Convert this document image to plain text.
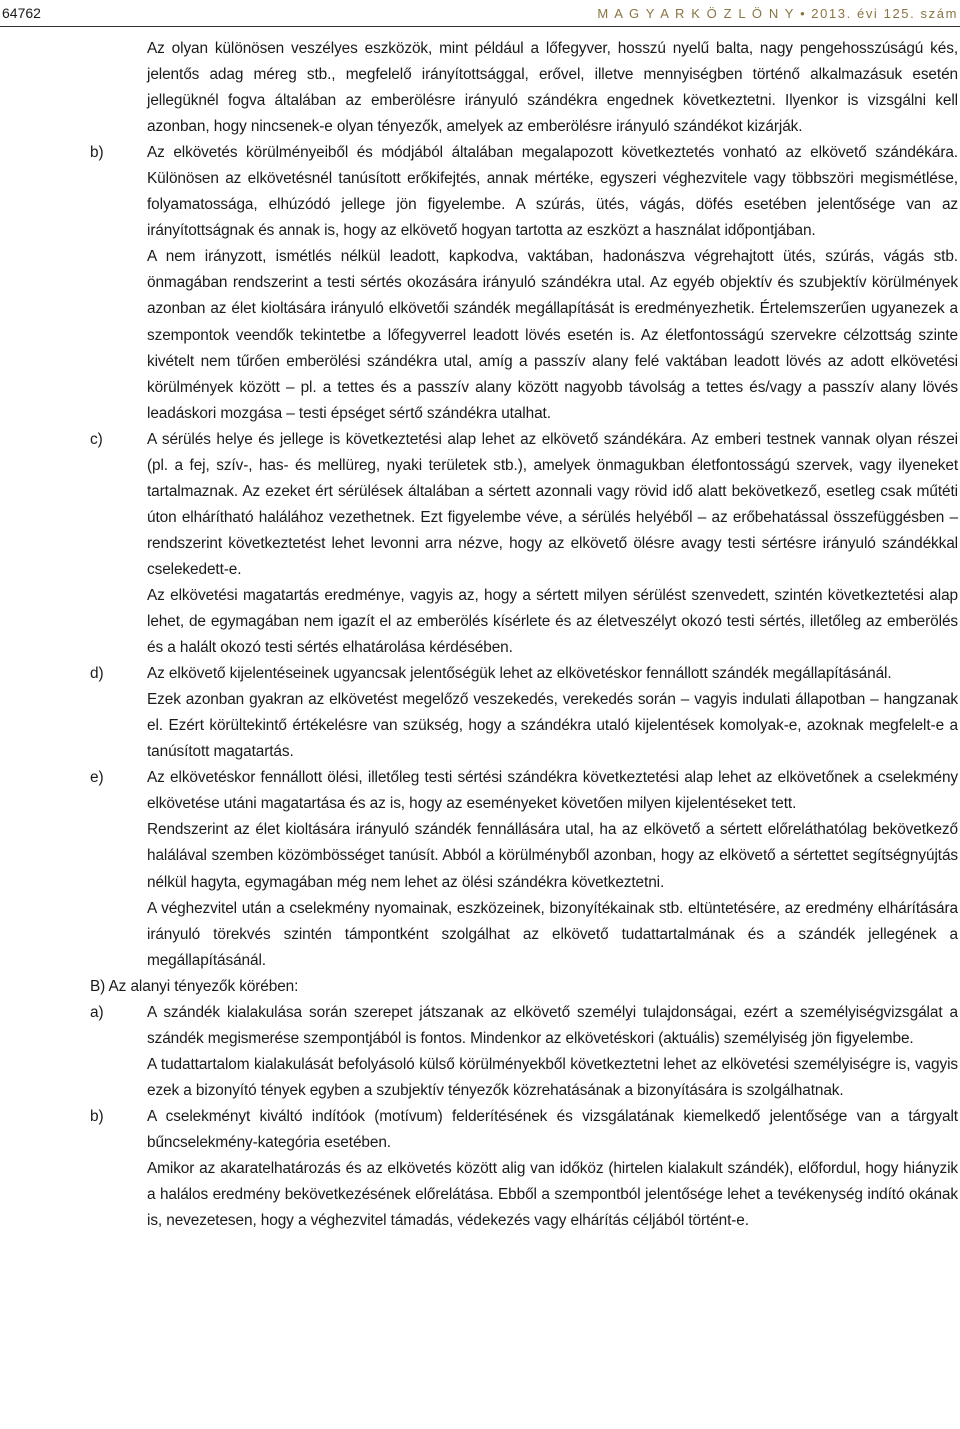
64762	M A G Y A R K Ö Z L Ö N Y • 2013. évi 125. szám

Az olyan különösen veszélyes eszközök, mint például a lőfegyver, hosszú nyelű balta, nagy pengehosszúságú kés, jelentős adag méreg stb., megfelelő irányítottsággal, erővel, illetve mennyiségben történő alkalmazásuk esetén jellegüknél fogva általában az emberölésre irányuló szándékra engednek következtetni. Ilyenkor is vizsgálni kell azonban, hogy nincsenek-e olyan tényezők, amelyek az emberölésre irányuló szándékot kizárják.

b)	Az elkövetés körülményeiből és módjából általában megalapozott következtetés vonható az elkövető szándékára. Különösen az elkövetésnél tanúsított erőkifejtés, annak mértéke, egyszeri véghezvitele vagy többszöri megismétlése, folyamatossága, elhúzódó jellege jön figyelembe. A szúrás, ütés, vágás, döfés esetében jelentősége van az irányítottságnak és annak is, hogy az elkövető hogyan tartotta az eszközt a használat időpontjában.

A nem irányzott, ismétlés nélkül leadott, kapkodva, vaktában, hadonászva végrehajtott ütés, szúrás, vágás stb. önmagában rendszerint a testi sértés okozására irányuló szándékra utal. Az egyéb objektív és szubjektív körülmények azonban az élet kioltására irányuló elkövetői szándék megállapítását is eredményezhetik. Értelemszerűen ugyanezek a szempontok veendők tekintetbe a lőfegyverrel leadott lövés esetén is. Az életfontosságú szervekre célzottság szinte kivételt nem tűrően emberölési szándékra utal, amíg a passzív alany felé vaktában leadott lövés az adott elkövetési körülmények között – pl. a tettes és a passzív alany között nagyobb távolság a tettes és/vagy a passzív alany lövés leadáskori mozgása – testi épséget sértő szándékra utalhat.

c)	A sérülés helye és jellege is következtetési alap lehet az elkövető szándékára. Az emberi testnek vannak olyan részei (pl. a fej, szív-, has- és mellüreg, nyaki területek stb.), amelyek önmagukban életfontosságú szervek, vagy ilyeneket tartalmaznak. Az ezeket ért sérülések általában a sértett azonnali vagy rövid idő alatt bekövetkező, esetleg csak műtéti úton elhárítható halálához vezethetnek. Ezt figyelembe véve, a sérülés helyéből – az erőbehatással összefüggésben – rendszerint következtetést lehet levonni arra nézve, hogy az elkövető ölésre avagy testi sértésre irányuló szándékkal cselekedett-e.

Az elkövetési magatartás eredménye, vagyis az, hogy a sértett milyen sérülést szenvedett, szintén következtetési alap lehet, de egymagában nem igazít el az emberölés kísérlete és az életveszélyt okozó testi sértés, illetőleg az emberölés és a halált okozó testi sértés elhatárolása kérdésében.

d)	Az elkövető kijelentéseinek ugyancsak jelentőségük lehet az elkövetéskor fennállott szándék megállapításánál.

Ezek azonban gyakran az elkövetést megelőző veszekedés, verekedés során – vagyis indulati állapotban – hangzanak el. Ezért körültekintő értékelésre van szükség, hogy a szándékra utaló kijelentések komolyak-e, azoknak megfelelt-e a tanúsított magatartás.

e)	Az elkövetéskor fennállott ölési, illetőleg testi sértési szándékra következtetési alap lehet az elkövetőnek a cselekmény elkövetése utáni magatartása és az is, hogy az eseményeket követően milyen kijelentéseket tett.

Rendszerint az élet kioltására irányuló szándék fennállására utal, ha az elkövető a sértett előreláthatólag bekövetkező halálával szemben közömbösséget tanúsít. Abból a körülményből azonban, hogy az elkövető a sértettet segítségnyújtás nélkül hagyta, egymagában még nem lehet az ölési szándékra következtetni.

A véghezvitel után a cselekmény nyomainak, eszközeinek, bizonyítékainak stb. eltüntetésére, az eredmény elhárítására irányuló törekvés szintén támpontként szolgálhat az elkövető tudattartalmának és a szándék jellegének a megállapításánál.

B) Az alanyi tényezők körében:

a)	A szándék kialakulása során szerepet játszanak az elkövető személyi tulajdonságai, ezért a személyiségvizsgálat a szándék megismerése szempontjából is fontos. Mindenkor az elkövetéskori (aktuális) személyiség jön figyelembe.

A tudattartalom kialakulását befolyásoló külső körülményekből következtetni lehet az elkövetési személyiségre is, vagyis ezek a bizonyító tények egyben a szubjektív tényezők közrehatásának a bizonyítására is szolgálhatnak.

b)	A cselekményt kiváltó indítóok (motívum) felderítésének és vizsgálatának kiemelkedő jelentősége van a tárgyalt bűncselekmény-kategória esetében.

Amikor az akaratelhatározás és az elkövetés között alig van időköz (hirtelen kialakult szándék), előfordul, hogy hiányzik a halálos eredmény bekövetkezésének előrelátása. Ebből a szempontból jelentősége lehet a tevékenység indító okának is, nevezetesen, hogy a véghezvitel támadás, védekezés vagy elhárítás céljából történt-e.
